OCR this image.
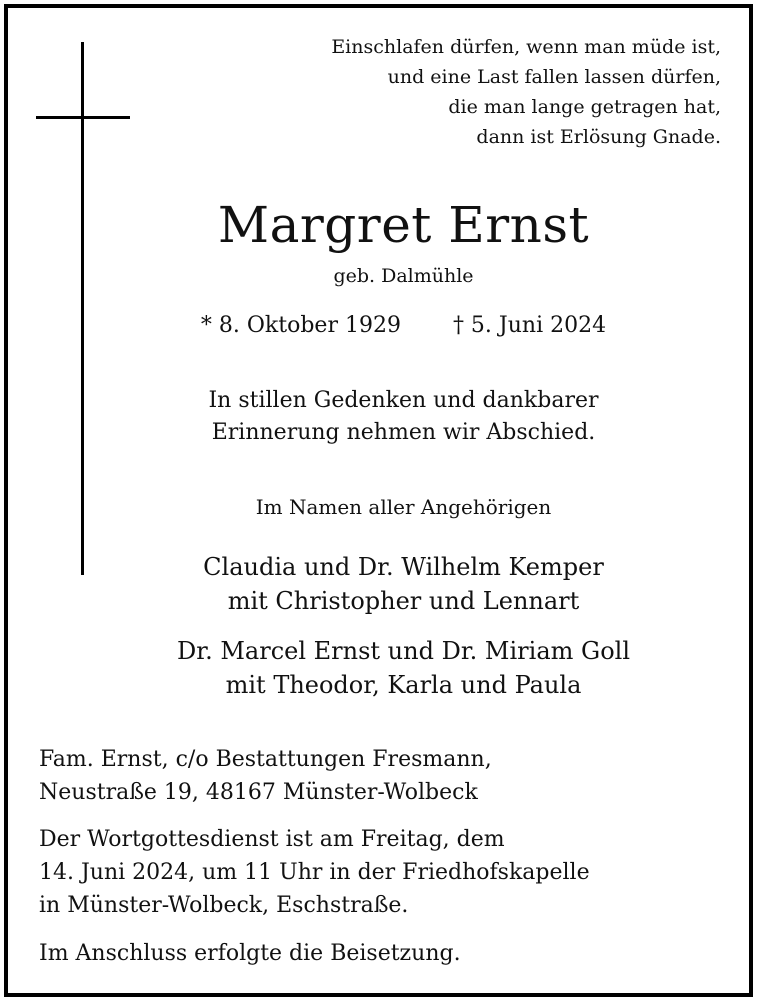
Einschlafen dürfen, wenn man müde ist,
und eine Last fallen lassen dürfen,
die man lange getragen hat,
dann ist Erlösung Gnade.
Margret Ernst
geb. Dalmühle
* 8. Oktober 1929 † 5. Juni 2024
In stillen Gedenken und dankbarer
Erinnerung nehmen wir Abschied.
Im Namen aller Angehörigen
Claudia und Dr. Wilhelm Kemper
mit Christopher und Lennart
Dr. Marcel Ernst und Dr. Miriam Goll
mit Theodor, Karla und Paula
Fam. Ernst, c/o Bestattungen Fresmann,
Neustraße 19, 48167 Münster-Wolbeck
Der Wortgottesdienst ist am Freitag, dem
14. Juni 2024, um 11 Uhr in der Friedhofskapelle
in Münster-Wolbeck, Eschstraße.
Im Anschluss erfolgte die Beisetzung.
